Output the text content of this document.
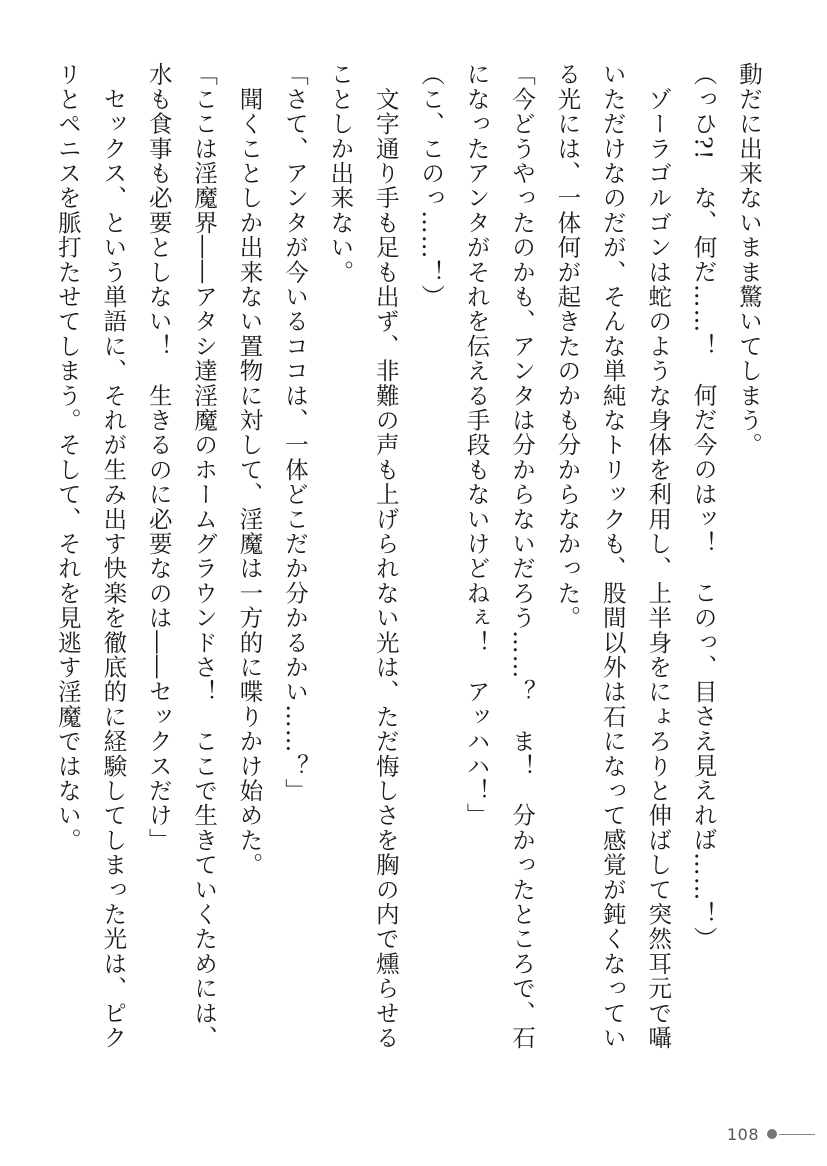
動だに出来ないまま驚いてしまう。
（っひ?!　な、何だ……！　何だ今のはッ！　このっ、目さえ見えれば……！）
　ゾーラゴルゴンは蛇のような身体を利用し、上半身をにょろりと伸ばして突然耳元で囁
いただけなのだが、そんな単純なトリックも、股間以外は石になって感覚が鈍くなってい
る光には、一体何が起きたのかも分からなかった。
「今どうやったのかも、アンタは分からないだろう……？　ま！　分かったところで、石
になったアンタがそれを伝える手段もないけどねぇ！　アッハハ！」
（こ、このっ……！）
　文字通り手も足も出ず、非難の声も上げられない光は、ただ悔しさを胸の内で燻らせる
ことしか出来ない。
「さて、アンタが今いるココは、一体どこだか分かるかい……？」
　聞くことしか出来ない置物に対して、淫魔は一方的に喋りかけ始めた。
「ここは淫魔界――アタシ達淫魔のホームグラウンドさ！　ここで生きていくためには、
水も食事も必要としない！　生きるのに必要なのは――セックスだけ」
　セックス、という単語に、それが生み出す快楽を徹底的に経験してしまった光は、ピク
リとペニスを脈打たせてしまう。そして、それを見逃す淫魔ではない。
108
